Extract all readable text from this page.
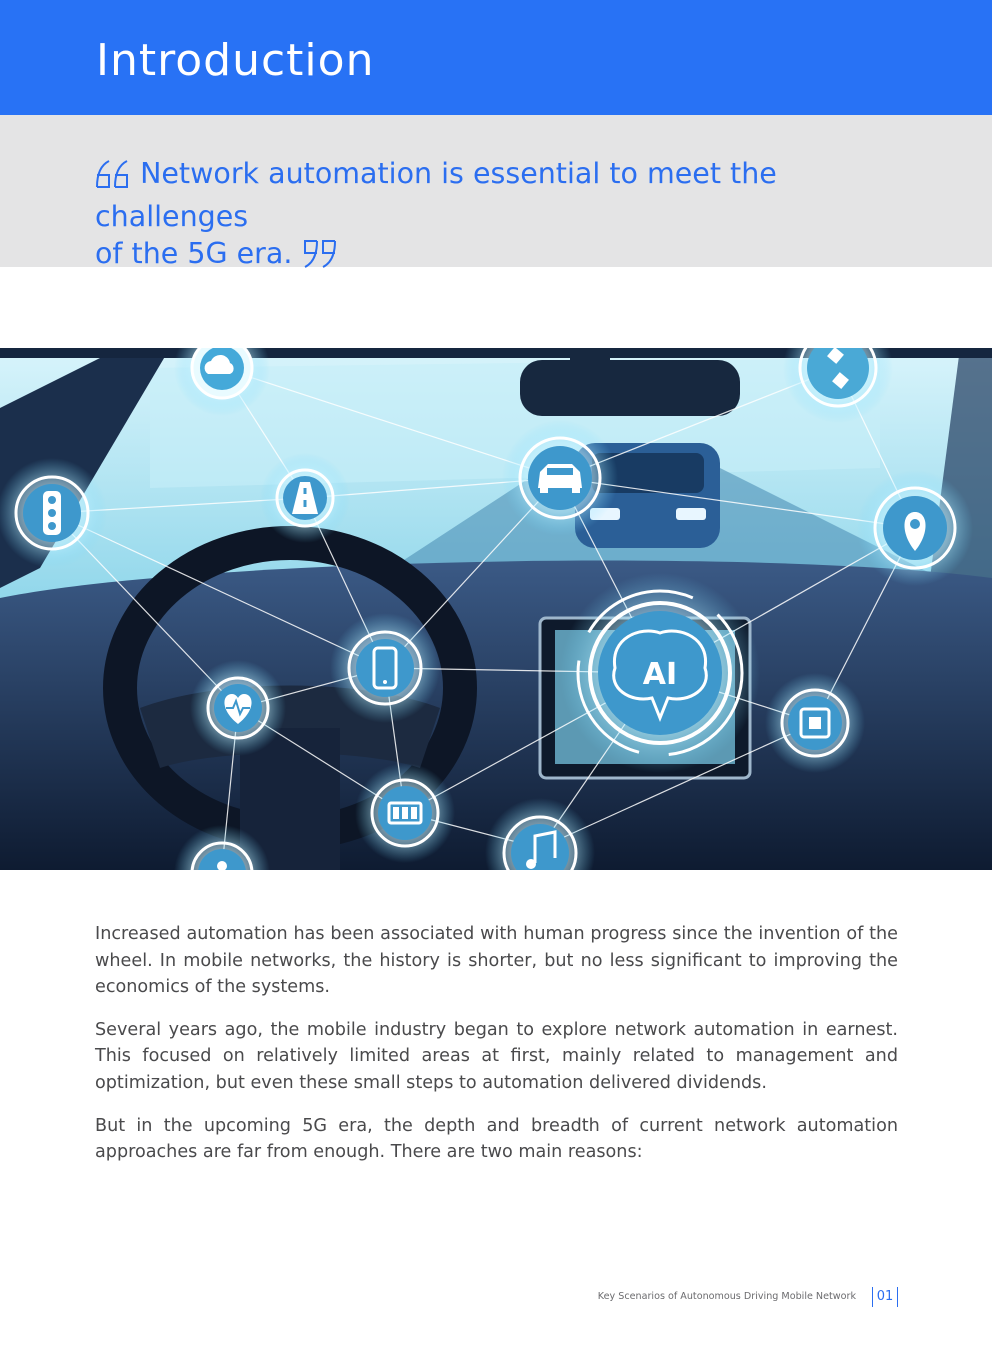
Introduction

Network automation is essential to meet the challenges
of the 5G era.

AI

Increased automation has been associated with human progress since the invention of the wheel. In mobile networks, the history is shorter, but no less significant to improving the economics of the systems.

Several years ago, the mobile industry began to explore network automation in earnest. This focused on relatively limited areas at first, mainly related to management and optimization, but even these small steps to automation delivered dividends.

But in the upcoming 5G era, the depth and breadth of current network automation approaches are far from enough. There are two main reasons:

Key Scenarios of Autonomous Driving Mobile Network	01
